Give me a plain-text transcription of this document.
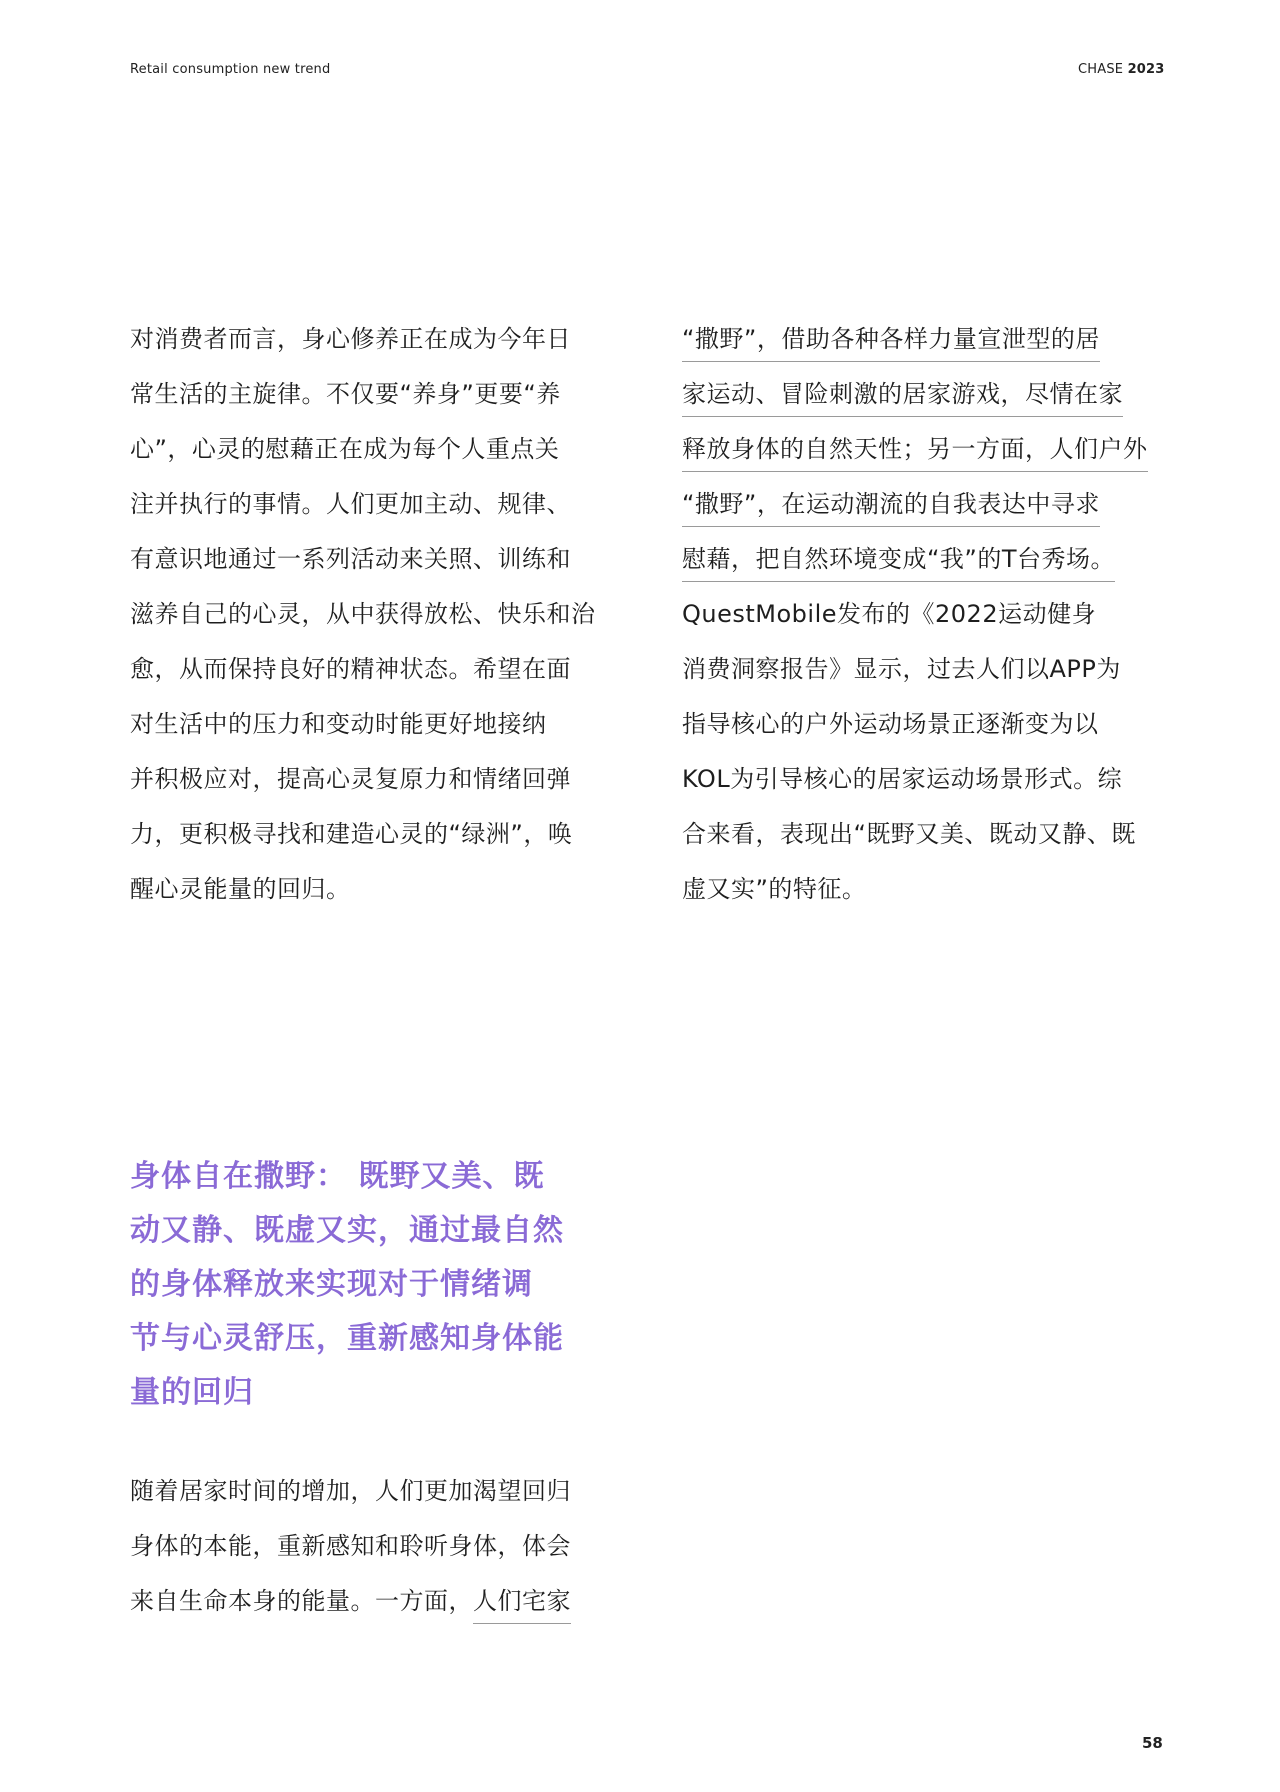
Retail consumption new trend	CHASE 2023
对消费者而言，身心修养正在成为今年日
常生活的主旋律。不仅要“养身”更要“养
心”，心灵的慰藉正在成为每个人重点关
注并执行的事情。人们更加主动、规律、
有意识地通过一系列活动来关照、训练和
滋养自己的心灵，从中获得放松、快乐和治
愈，从而保持良好的精神状态。希望在面
对生活中的压力和变动时能更好地接纳
并积极应对，提高心灵复原力和情绪回弹
力，更积极寻找和建造心灵的“绿洲”，唤
醒心灵能量的回归。
“撒野”，借助各种各样力量宣泄型的居
家运动、冒险刺激的居家游戏，尽情在家
释放身体的自然天性；另一方面，人们户外
“撒野”，在运动潮流的自我表达中寻求
慰藉，把自然环境变成“我”的T台秀场。
QuestMobile发布的《2022运动健身
消费洞察报告》显示，过去人们以APP为
指导核心的户外运动场景正逐渐变为以
KOL为引导核心的居家运动场景形式。综
合来看，表现出“既野又美、既动又静、既
虚又实”的特征。
身体自在撒野： 既野又美、既
动又静、既虚又实，通过最自然
的身体释放来实现对于情绪调
节与心灵舒压，重新感知身体能
量的回归
随着居家时间的增加，人们更加渴望回归
身体的本能，重新感知和聆听身体，体会
来自生命本身的能量。一方面，人们宅家
58
